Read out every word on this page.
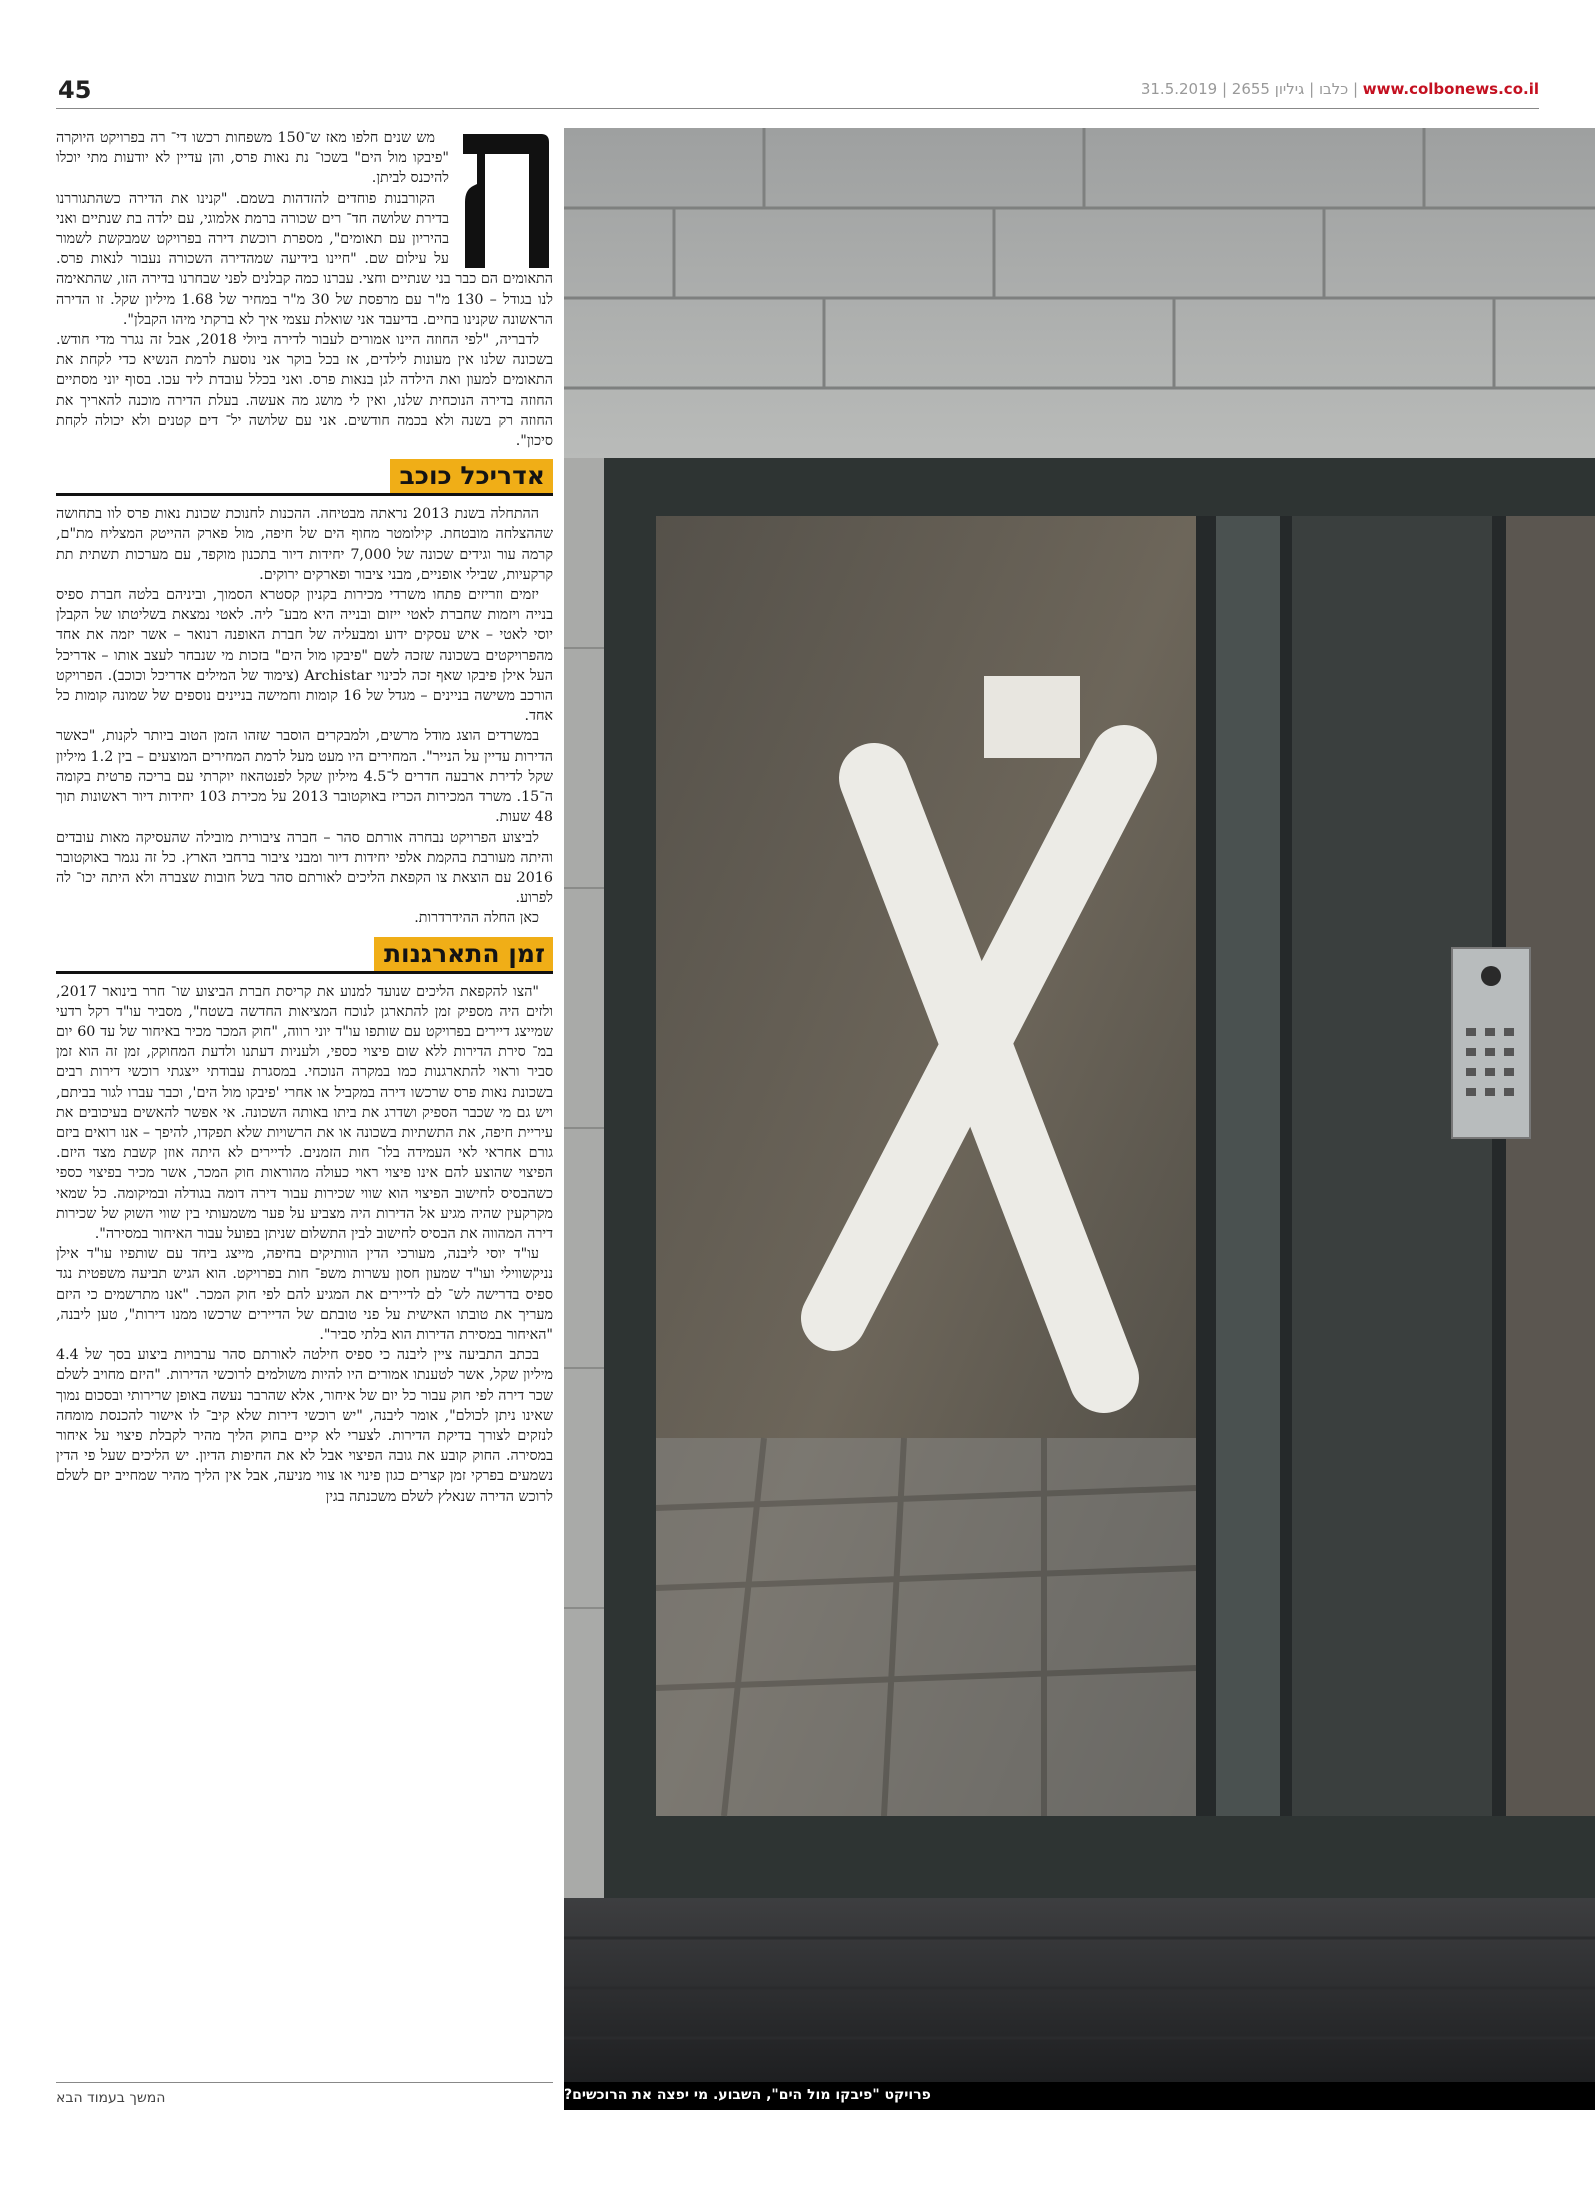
45	www.colbonews.co.il | כלבו | גיליון 2655 | 31.5.2019

מש שנים חלפו מאז ש־150 משפחות רכשו די־ רה בפרויקט היוקרה "פיבקו מול הים" בשכו־ נת נאות פרס, והן עדיין לא יודעות מתי יוכלו להיכנס לביתן.

הקורבנות פוחדים להזדהות בשמם. "קנינו את הדירה כשהתגוררנו בדירת שלושה חד־ רים שכורה ברמת אלמוגי, עם ילדה בת שנתיים ואני בהיריון עם תאומים", מספרת רוכשת דירה בפרויקט שמבקשת לשמור על עילום שם. "חיינו בידיעה שמהדירה השכורה נעבור לנאות פרס. התאומים הם כבר בני שנתיים וחצי. עברנו כמה קבלנים לפני שבחרנו בדירה הזו, שהתאימה לנו בגודל – 130 מ"ר עם מרפסת של 30 מ"ר במחיר של 1.68 מיליון שקל. זו הדירה הראשונה שקנינו בחיים. בדיעבד אני שואלת עצמי איך לא ברקתי מיהו הקבלן".

לדבריה, "לפי החוזה היינו אמורים לעבור לדירה ביולי 2018, אבל זה נגרר מדי חודש. בשכונה שלנו אין מעונות לילדים, אז בכל בוקר אני נוסעת לרמת הנשיא כדי לקחת את התאומים למעון ואת הילדה לגן בנאות פרס. ואני בכלל עובדת ליד עכו. בסוף יוני מסתיים החוזה בדירה הנוכחית שלנו, ואין לי מושג מה אעשה. בעלת הדירה מוכנה להאריך את החוזה רק בשנה ולא בכמה חודשים. אני עם שלושה יל־ דים קטנים ולא יכולה לקחת סיכון".

אדריכל כוכב

ההתחלה בשנת 2013 נראתה מבטיחה. ההכנות לחנוכת שכונת נאות פרס לוו בתחושה שההצלחה מובטחת. קילומטר מחוף הים של חיפה, מול פארק ההייטק המצליח מת"ם, קרמה עור וגידים שכונה של 7,000 יחידות דיור בתכנון מוקפד, עם מערכות תשתית תת קרקעיות, שבילי אופניים, מבני ציבור ופארקים ירוקים.

יזמים וזריזים פתחו משרדי מכירות בקניון קסטרא הסמוך, וביניהם בלטה חברת ספיס בנייה ויזמות שחברת לאטי ייזום ובנייה היא מבע־ ליה. לאטי נמצאת בשליטתו של הקבלן יוסי לאטי – איש עסקים ידוע ומבעליה של חברת האופנה רנואר – אשר יזמה את אחד מהפרויקטים בשכונה שזכה לשם "פיבקו מול הים" בזכות מי שנבחר לעצב אותו – אדריכל העל אילן פיבקו שאף זכה לכינוי Archistar (צימוד של המילים אדריכל וכוכב). הפרויקט הורכב משישה בניינים – מגדל של 16 קומות וחמישה בניינים נוספים של שמונה קומות כל אחד.

במשרדים הוצג מודל מרשים, ולמבקרים הוסבר שזהו הזמן הטוב ביותר לקנות, "כאשר הדירות עדיין על הנייר". המחירים היו מעט מעל לרמת המחירים המוצעים – בין 1.2 מיליון שקל לדירת ארבעה חדרים ל־4.5 מיליון שקל לפנטהאוז יוקרתי עם בריכה פרטית בקומה ה־15. משרד המכירות הכריז באוקטובר 2013 על מכירת 103 יחידות דיור ראשונות תוך 48 שעות.

לביצוע הפרויקט נבחרה אורתם סהר – חברה ציבורית מובילה שהעסיקה מאות עובדים והיתה מעורבת בהקמת אלפי יחידות דיור ומבני ציבור ברחבי הארץ. כל זה נגמר באוקטובר 2016 עם הוצאת צו הקפאת הליכים לאורתם סהר בשל חובות שצברה ולא היתה יכו־ לה לפרוע.

כאן החלה ההידרדרות.

זמן התארגנות

"הצו להקפאת הליכים שנועד למנוע את קריסת חברת הביצוע שו־ חרר בינואר 2017, ולזים היה מספיק זמן להתארגן לנוכח המציאות החדשה בשטח", מסביר עו"ד רקל רדעי שמייצג דיירים בפרויקט עם שותפו עו"ד יוני רווה, "חוק המכר מכיר באיחור של עד 60 יום במ־ סירת הדירות ללא שום פיצוי כספי, ולעניות דעתנו ולדעת המחוקק, זמן זה הוא זמן סביר וראוי להתארגנות כמו במקרה הנוכחי. במסגרת עבודתי ייצגתי רוכשי דירות רבים בשכונת נאות פרס שרכשו דירה במקביל או אחרי 'פיבקו מול הים', וכבר עברו לגור בביתם, ויש גם מי שכבר הספיק ושדרג את ביתו באותה השכונה. אי אפשר להאשים בעיכובים את עיריית חיפה, את התשתיות בשכונה או את הרשויות שלא תפקדו, להיפך – אנו רואים ביזם גורם אחראי לאי העמידה בלו־ חות הזמנים. לדיירים לא היתה אוזן קשבת מצד היזם. הפיצוי שהוצע להם אינו פיצוי ראוי כעולה מהוראות חוק המכר, אשר מכיר בפיצוי כספי כשהבסיס לחישוב הפיצוי הוא שווי שכירות עבור דירה דומה בגודלה ובמיקומה. כל שמאי מקרקעין שהיה מגיע אל הדירות היה מצביע על פער משמעותי בין שווי השוק של שכירות דירה המהווה את הבסיס לחישוב לבין התשלום שניתן בפועל עבור האיחור במסירה".

עו"ד יוסי ליבנה, מעורכי הדין הוותיקים בחיפה, מייצג ביחד עם שותפיו עו"ד אילן נניקשווילי ועו"ד שמעון חסון עשרות משפ־ חות בפרויקט. הוא הגיש תביעה משפטית נגד ספיס בדרישה לש־ לם לדיירים את המגיע להם לפי חוק המכר. "אנו מתרשמים כי היזם מעריך את טובתו האישית על פני טובתם של הדיירים שרכשו ממנו דירות", טען ליבנה, "האיחור במסירת הדירות הוא בלתי סביר".

בכתב התביעה ציין ליבנה כי ספיס חילטה לאורתם סהר ערבויות ביצוע בסך של 4.4 מיליון שקל, אשר לטענתו אמורים היו להיות משולמים לרוכשי הדירות. "היזם מחויב לשלם שכר דירה לפי חוק עבור כל יום של איחור, אלא שהרבר נעשה באופן שרירותי ובסכום נמוך שאינו ניתן לכולם", אומר ליבנה, "יש רוכשי דירות שלא קיב־ לו אישור להכנסת מומחה לנזקים לצורך בדיקת הדירות. לצערי לא קיים בחוק הליך מהיר לקבלת פיצוי על איחור במסירה. החוק קובע את גובה הפיצוי אבל לא את החיפות הדיון. יש הליכים שעל פי הדין נשמעים בפרקי זמן קצרים כגון פינוי או צווי מניעה, אבל אין הליך מהיר שמחייב יזם לשלם לרוכש הדירה שנאלץ לשלם משכנתה בגין

המשך בעמוד הבא	פרויקט "פיבקו מול הים", השבוע. מי יפצה את הרוכשים?
